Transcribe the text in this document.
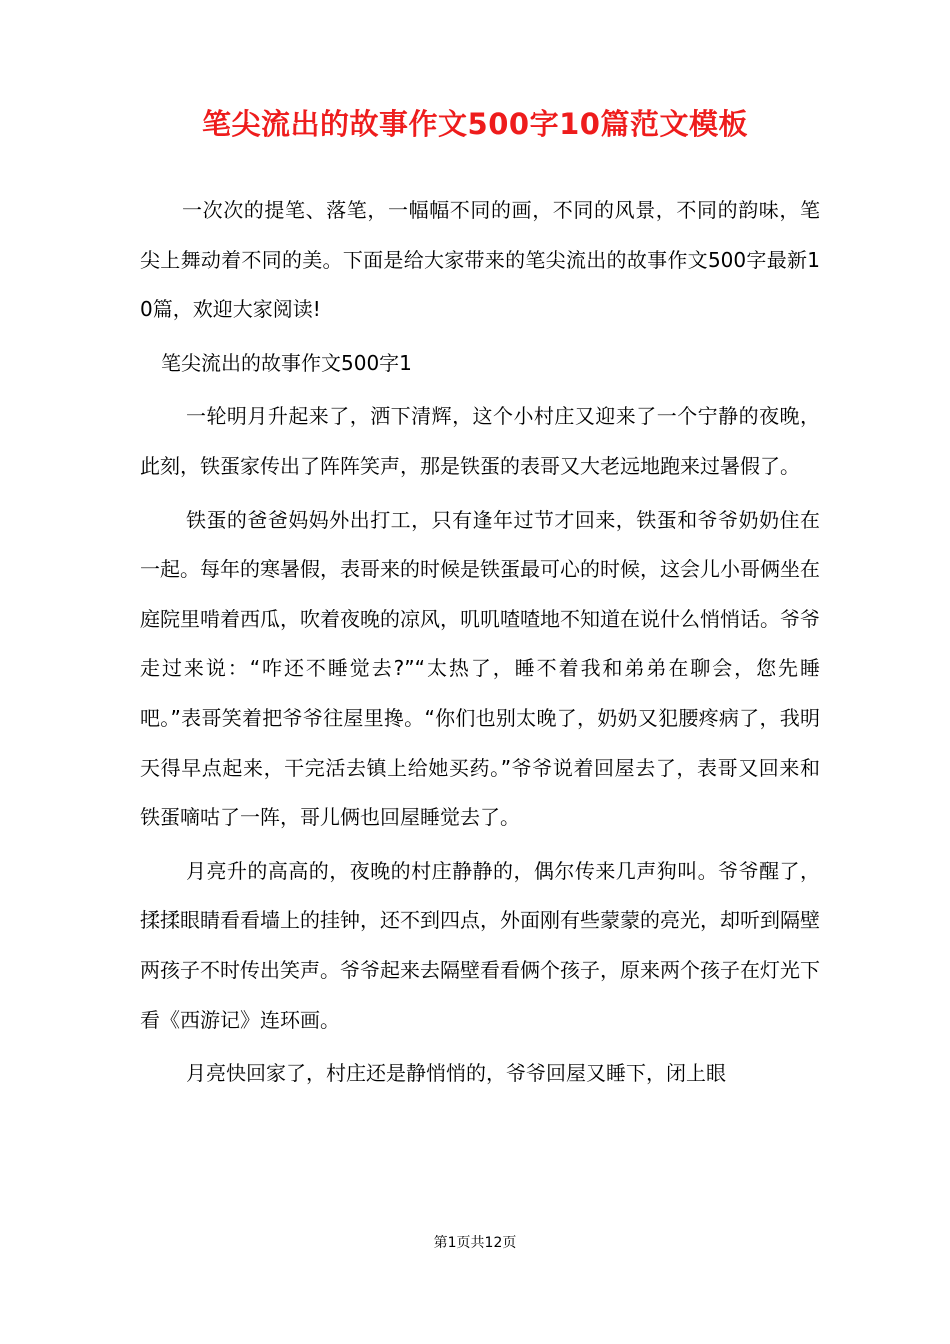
笔尖流出的故事作文500字10篇范文模板

一次次的提笔、落笔，一幅幅不同的画，不同的风景，不同的韵味，笔尖上舞动着不同的美。下面是给大家带来的笔尖流出的故事作文500字最新10篇，欢迎大家阅读!

笔尖流出的故事作文500字1

一轮明月升起来了，洒下清辉，这个小村庄又迎来了一个宁静的夜晚，此刻，铁蛋家传出了阵阵笑声，那是铁蛋的表哥又大老远地跑来过暑假了。

铁蛋的爸爸妈妈外出打工，只有逢年过节才回来，铁蛋和爷爷奶奶住在一起。每年的寒暑假，表哥来的时候是铁蛋最可心的时候，这会儿小哥俩坐在庭院里啃着西瓜，吹着夜晚的凉风，叽叽喳喳地不知道在说什么悄悄话。爷爷走过来说：“咋还不睡觉去?”“太热了，睡不着我和弟弟在聊会，您先睡吧。”表哥笑着把爷爷往屋里搀。“你们也别太晚了，奶奶又犯腰疼病了，我明天得早点起来，干完活去镇上给她买药。”爷爷说着回屋去了，表哥又回来和铁蛋嘀咕了一阵，哥儿俩也回屋睡觉去了。

月亮升的高高的，夜晚的村庄静静的，偶尔传来几声狗叫。爷爷醒了，揉揉眼睛看看墙上的挂钟，还不到四点，外面刚有些蒙蒙的亮光，却听到隔壁两孩子不时传出笑声。爷爷起来去隔壁看看俩个孩子，原来两个孩子在灯光下看《西游记》连环画。

月亮快回家了，村庄还是静悄悄的，爷爷回屋又睡下，闭上眼

第1页共12页
